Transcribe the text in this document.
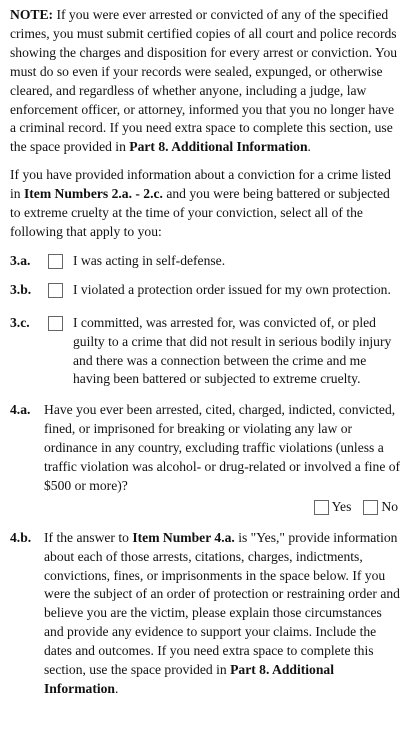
NOTE: If you were ever arrested or convicted of any of the specified crimes, you must submit certified copies of all court and police records showing the charges and disposition for every arrest or conviction. You must do so even if your records were sealed, expunged, or otherwise cleared, and regardless of whether anyone, including a judge, law enforcement officer, or attorney, informed you that you no longer have a criminal record. If you need extra space to complete this section, use the space provided in Part 8. Additional Information.

If you have provided information about a conviction for a crime listed in Item Numbers 2.a. - 2.c. and you were being battered or subjected to extreme cruelty at the time of your conviction, select all of the following that apply to you:

3.a.	I was acting in self-defense.
3.b.	I violated a protection order issued for my own protection.
3.c.	I committed, was arrested for, was convicted of, or pled guilty to a crime that did not result in serious bodily injury and there was a connection between the crime and me having been battered or subjected to extreme cruelty.
4.a.	Have you ever been arrested, cited, charged, indicted, convicted, fined, or imprisoned for breaking or violating any law or ordinance in any country, excluding traffic violations (unless a traffic violation was alcohol- or drug-related or involved a fine of $500 or more)?
Yes No
4.b. If the answer to Item Number 4.a. is "Yes," provide information about each of those arrests, citations, charges, indictments, convictions, fines, or imprisonments in the space below. If you were the subject of an order of protection or restraining order and believe you are the victim, please explain those circumstances and provide any evidence to support your claims. Include the dates and outcomes. If you need extra space to complete this section, use the space provided in Part 8. Additional Information.
